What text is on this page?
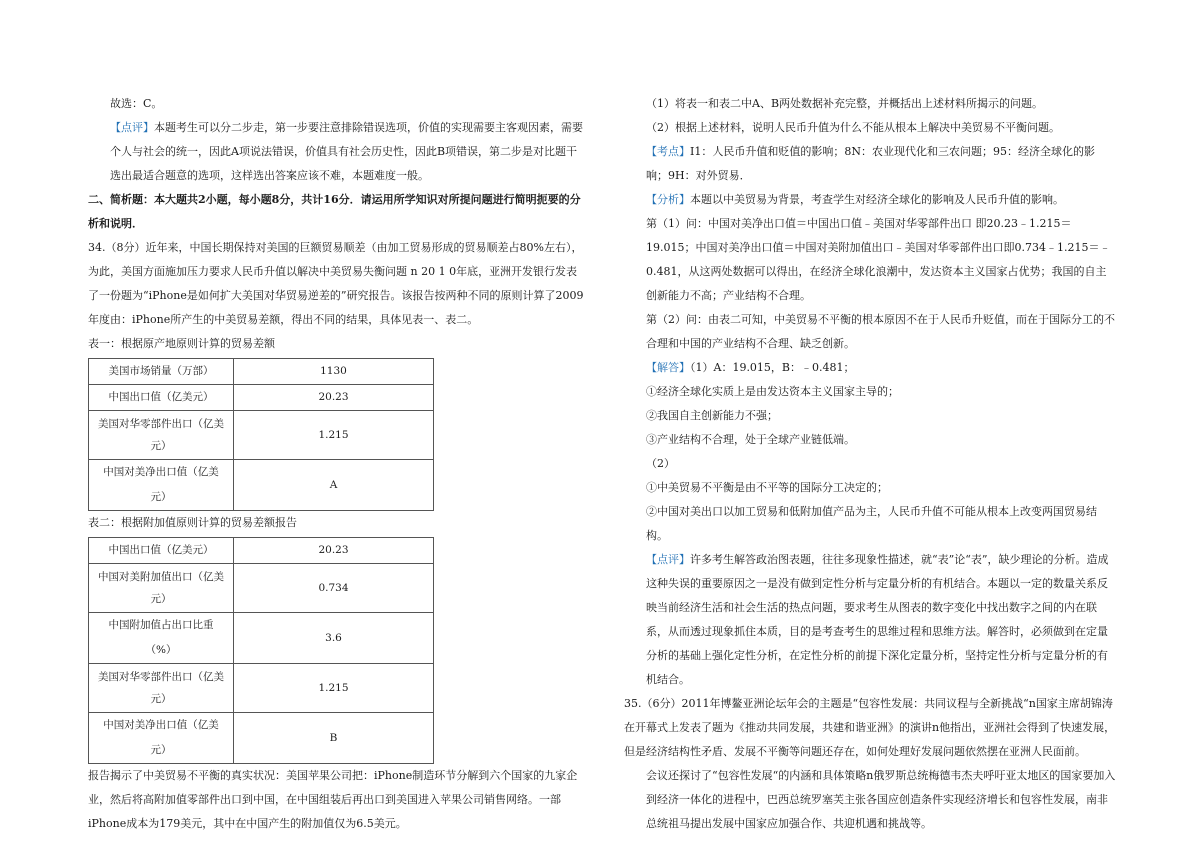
故选：C。

【点评】本题考生可以分二步走，第一步要注意排除错误选项，价值的实现需要主客观因素，需要个人与社会的统一，因此A项说法错误，价值具有社会历史性，因此B项错误，第二步是对比题干选出最适合题意的选项，这样选出答案应该不难，本题难度一般。

二、简析题：本大题共2小题，每小题8分，共计16分．请运用所学知识对所提问题进行简明扼要的分析和说明．

34.（8分）近年来，中国长期保持对美国的巨额贸易顺差（由加工贸易形成的贸易顺差占80%左右），为此，美国方面施加压力要求人民币升值以解决中美贸易失衡问题 n 20 1 0年底，亚洲开发银行发表了一份题为“iPhone是如何扩大美国对华贸易逆差的”研究报告。该报告按两种不同的原则计算了2009年度由：iPhone所产生的中美贸易差额，得出不同的结果，具体见表一、表二。

表一：根据原产地原则计算的贸易差额

美国市场销量（万部）	1130
中国出口值（亿美元）	20.23
美国对华零部件出口（亿美元）	1.215
中国对美净出口值（亿美元）	A

表二：根据附加值原则计算的贸易差额报告

中国出口值（亿美元）	20.23
中国对美附加值出口（亿美元）	0.734
中国附加值占出口比重（%）	3.6
美国对华零部件出口（亿美元）	1.215
中国对美净出口值（亿美元）	B

报告揭示了中美贸易不平衡的真实状况：美国苹果公司把：iPhone制造环节分解到六个国家的九家企业，然后将高附加值零部件出口到中国，在中国组装后再出口到美国进入苹果公司销售网络。一部iPhone成本为179美元，其中在中国产生的附加值仅为6.5美元。

（1）将表一和表二中A、B两处数据补充完整，并概括出上述材料所揭示的问题。

（2）根据上述材料，说明人民币升值为什么不能从根本上解决中美贸易不平衡问题。

【考点】I1：人民币升值和贬值的影响；8N：农业现代化和三农问题；95：经济全球化的影响；9H：对外贸易．

【分析】本题以中美贸易为背景，考查学生对经济全球化的影响及人民币升值的影响。

第（1）问：中国对美净出口值＝中国出口值﹣美国对华零部件出口 即20.23﹣1.215＝19.015；中国对美净出口值＝中国对美附加值出口﹣美国对华零部件出口即0.734﹣1.215＝﹣0.481，从这两处数据可以得出，在经济全球化浪潮中，发达资本主义国家占优势；我国的自主创新能力不高；产业结构不合理。

第（2）问：由表二可知，中美贸易不平衡的根本原因不在于人民币升贬值，而在于国际分工的不合理和中国的产业结构不合理、缺乏创新。

【解答】（1）A：19.015，B：﹣0.481；

①经济全球化实质上是由发达资本主义国家主导的；

②我国自主创新能力不强；

③产业结构不合理，处于全球产业链低端。

（2）

①中美贸易不平衡是由不平等的国际分工决定的；

②中国对美出口以加工贸易和低附加值产品为主，人民币升值不可能从根本上改变两国贸易结构。

【点评】许多考生解答政治图表题，往往多现象性描述，就“表”论“表”，缺少理论的分析。造成这种失误的重要原因之一是没有做到定性分析与定量分析的有机结合。本题以一定的数量关系反映当前经济生活和社会生活的热点问题，要求考生从图表的数字变化中找出数字之间的内在联系，从而透过现象抓住本质，目的是考查考生的思维过程和思维方法。解答时，必须做到在定量分析的基础上强化定性分析，在定性分析的前提下深化定量分析，坚持定性分析与定量分析的有机结合。

35.（6分）2011年博鳌亚洲论坛年会的主题是“包容性发展：共同议程与全新挑战“n国家主席胡锦涛在开幕式上发表了题为《推动共同发展，共建和谐亚洲》的演讲n他指出，亚洲社会得到了快速发展，但是经济结构性矛盾、发展不平衡等问题还存在，如何处理好发展问题依然摆在亚洲人民面前。

会议还探讨了“包容性发展“的内涵和具体策略n俄罗斯总统梅德韦杰夫呼吁亚太地区的国家要加入到经济一体化的进程中，巴西总统罗塞芙主张各国应创造条件实现经济增长和包容性发展，南非总统祖马提出发展中国家应加强合作、共迎机遇和挑战等。
